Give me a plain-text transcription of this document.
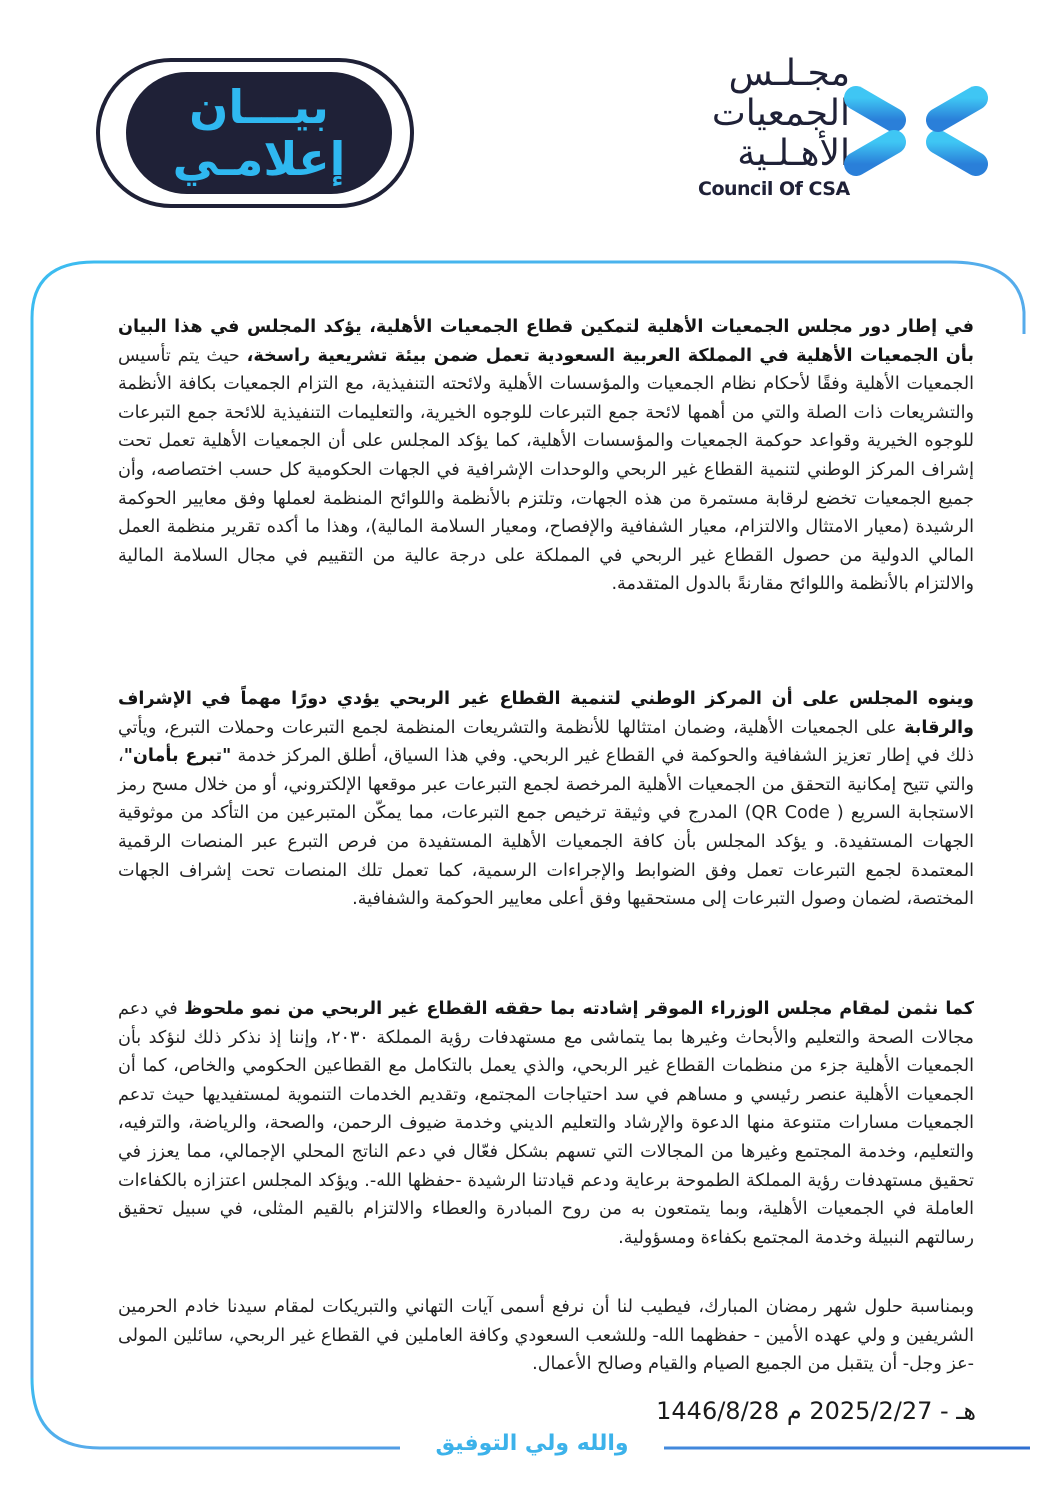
بيـــان
إعلامـي
مجـلـس
الجمعيات
الأهـلـية
Council Of CSA

في إطار دور مجلس الجمعيات الأهلية لتمكين قطاع الجمعيات الأهلية، يؤكد المجلس في هذا البيان بأن الجمعيات الأهلية في المملكة العربية السعودية تعمل ضمن بيئة تشريعية راسخة، حيث يتم تأسيس الجمعيات الأهلية وفقًا لأحكام نظام الجمعيات والمؤسسات الأهلية ولائحته التنفيذية، مع التزام الجمعيات بكافة الأنظمة والتشريعات ذات الصلة والتي من أهمها لائحة جمع التبرعات للوجوه الخيرية، والتعليمات التنفيذية للائحة جمع التبرعات للوجوه الخيرية وقواعد حوكمة الجمعيات والمؤسسات الأهلية، كما يؤكد المجلس على أن الجمعيات الأهلية تعمل تحت إشراف المركز الوطني لتنمية القطاع غير الربحي والوحدات الإشرافية في الجهات الحكومية كل حسب اختصاصه، وأن جميع الجمعيات تخضع لرقابة مستمرة من هذه الجهات، وتلتزم بالأنظمة واللوائح المنظمة لعملها وفق معايير الحوكمة الرشيدة (معيار الامتثال والالتزام، معيار الشفافية والإفصاح، ومعيار السلامة المالية)، وهذا ما أكده تقرير منظمة العمل المالي الدولية من حصول القطاع غير الربحي في المملكة على درجة عالية من التقييم في مجال السلامة المالية والالتزام بالأنظمة واللوائح مقارنةً بالدول المتقدمة.

وينوه المجلس على أن المركز الوطني لتنمية القطاع غير الربحي يؤدي دورًا مهماً في الإشراف والرقابة على الجمعيات الأهلية، وضمان امتثالها للأنظمة والتشريعات المنظمة لجمع التبرعات وحملات التبرع، ويأتي ذلك في إطار تعزيز الشفافية والحوكمة في القطاع غير الربحي. وفي هذا السياق، أطلق المركز خدمة "تبرع بأمان"، والتي تتيح إمكانية التحقق من الجمعيات الأهلية المرخصة لجمع التبرعات عبر موقعها الإلكتروني، أو من خلال مسح رمز الاستجابة السريع ( QR Code) المدرج في وثيقة ترخيص جمع التبرعات، مما يمكّن المتبرعين من التأكد من موثوقية الجهات المستفيدة. و يؤكد المجلس بأن كافة الجمعيات الأهلية المستفيدة من فرص التبرع عبر المنصات الرقمية المعتمدة لجمع التبرعات تعمل وفق الضوابط والإجراءات الرسمية، كما تعمل تلك المنصات تحت إشراف الجهات المختصة، لضمان وصول التبرعات إلى مستحقيها وفق أعلى معايير الحوكمة والشفافية.

كما نثمن لمقام مجلس الوزراء الموقر إشادته بما حققه القطاع غير الربحي من نمو ملحوظ في دعم مجالات الصحة والتعليم والأبحاث وغيرها بما يتماشى مع مستهدفات رؤية المملكة ٢٠٣٠، وإننا إذ نذكر ذلك لنؤكد بأن الجمعيات الأهلية جزء من منظمات القطاع غير الربحي، والذي يعمل بالتكامل مع القطاعين الحكومي والخاص، كما أن الجمعيات الأهلية عنصر رئيسي و مساهم في سد احتياجات المجتمع، وتقديم الخدمات التنموية لمستفيديها حيث تدعم الجمعيات مسارات متنوعة منها الدعوة والإرشاد والتعليم الديني وخدمة ضيوف الرحمن، والصحة، والرياضة، والترفيه، والتعليم، وخدمة المجتمع وغيرها من المجالات التي تسهم بشكل فعّال في دعم الناتج المحلي الإجمالي، مما يعزز في تحقيق مستهدفات رؤية المملكة الطموحة برعاية ودعم قيادتنا الرشيدة -حفظها الله-. ويؤكد المجلس اعتزازه بالكفاءات العاملة في الجمعيات الأهلية، وبما يتمتعون به من روح المبادرة والعطاء والالتزام بالقيم المثلى، في سبيل تحقيق رسالتهم النبيلة وخدمة المجتمع بكفاءة ومسؤولية.

وبمناسبة حلول شهر رمضان المبارك، فيطيب لنا أن نرفع أسمى آيات التهاني والتبريكات لمقام سيدنا خادم الحرمين الشريفين و ولي عهده الأمين - حفظهما الله- وللشعب السعودي وكافة العاملين في القطاع غير الربحي، سائلين المولى -عز وجل- أن يتقبل من الجميع الصيام والقيام وصالح الأعمال.

1446/8/28 هـ - 2025/2/27 م
والله ولي التوفيق
